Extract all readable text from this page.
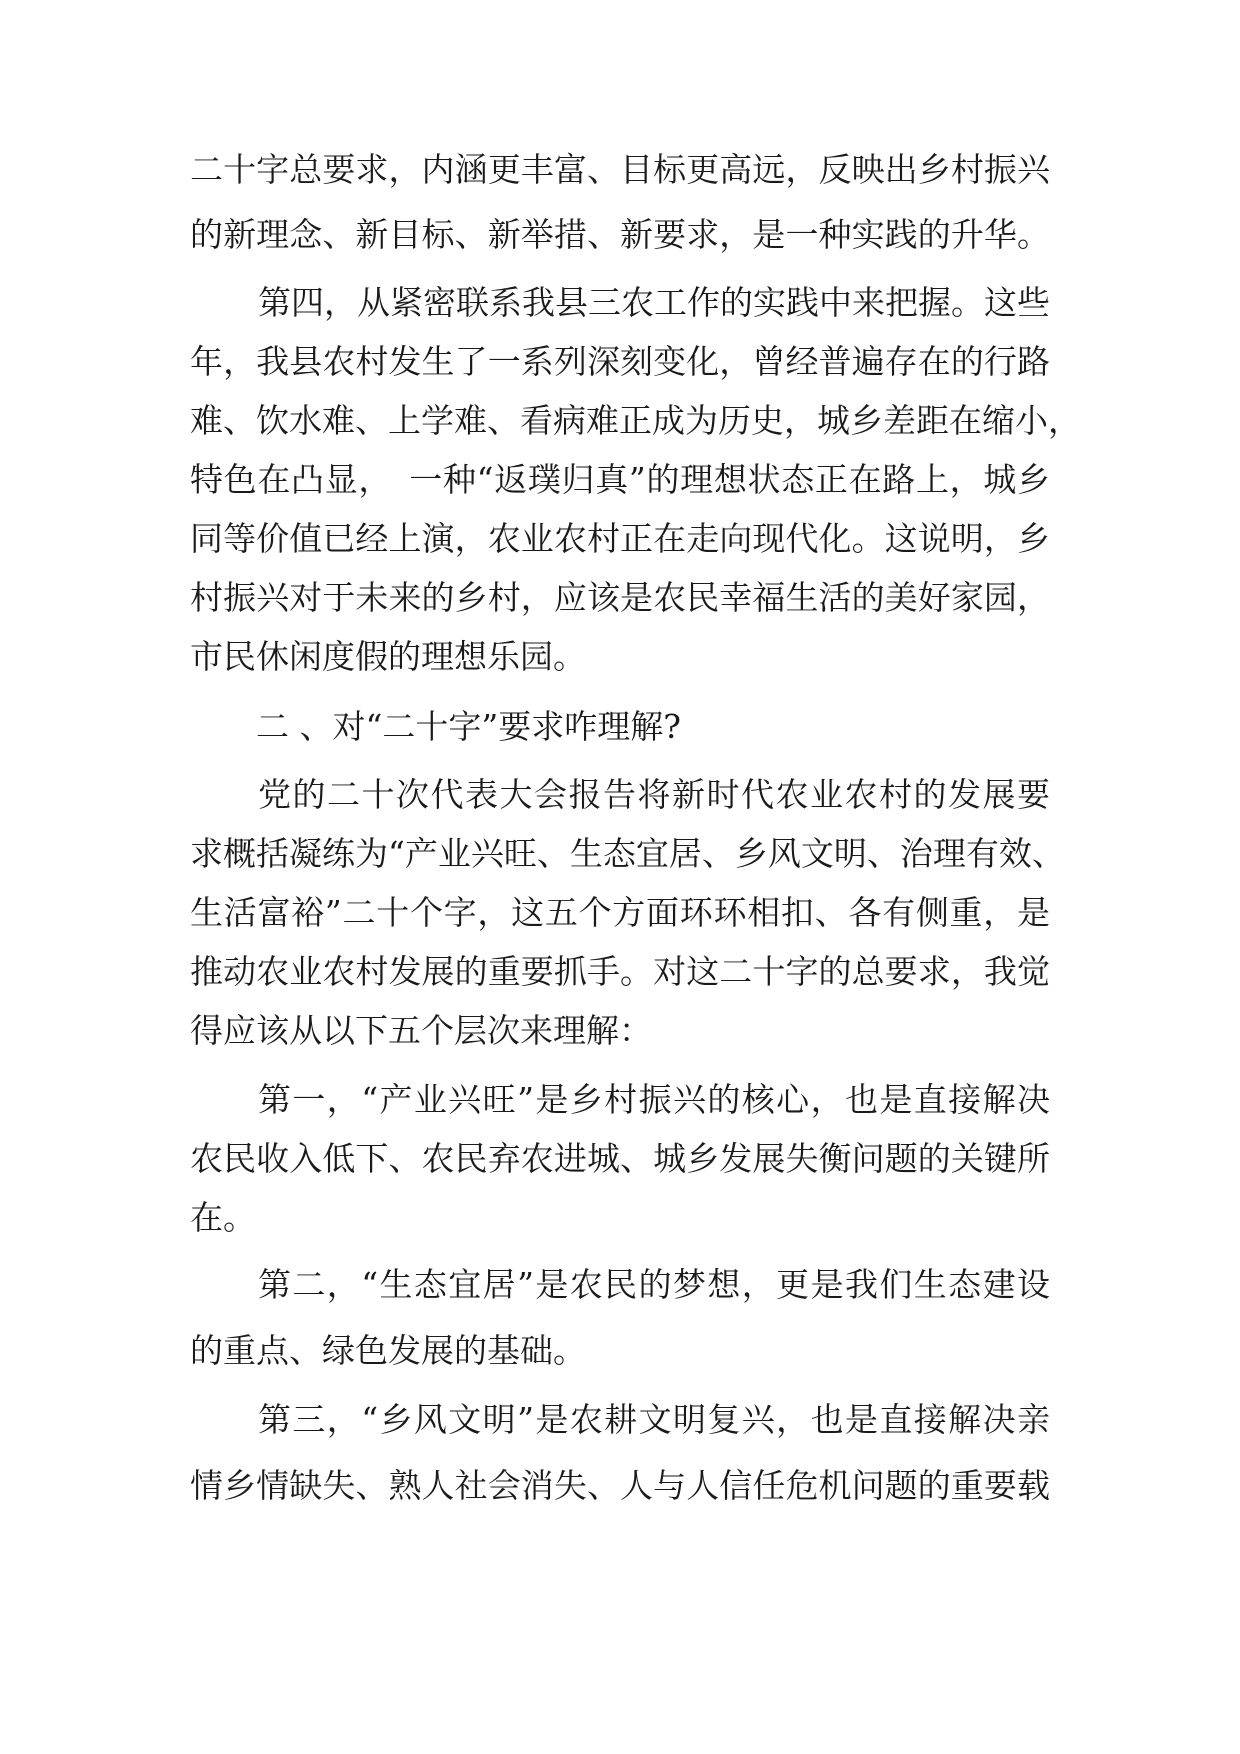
二十字总要求，内涵更丰富、目标更高远，反映出乡村振兴
的新理念、新目标、新举措、新要求，是一种实践的升华。
第四，从紧密联系我县三农工作的实践中来把握。这些
年，我县农村发生了一系列深刻变化，曾经普遍存在的行路
难、饮水难、上学难、看病难正成为历史，城乡差距在缩小，
特色在凸显，　一种“返璞归真”的理想状态正在路上，城乡
同等价值已经上演，农业农村正在走向现代化。这说明，乡
村振兴对于未来的乡村，应该是农民幸福生活的美好家园，
市民休闲度假的理想乐园。
二 、对“二十字”要求咋理解?
党的二十次代表大会报告将新时代农业农村的发展要
求概括凝练为“产业兴旺、生态宜居、乡风文明、治理有效、
生活富裕”二十个字，这五个方面环环相扣、各有侧重，是
推动农业农村发展的重要抓手。对这二十字的总要求，我觉
得应该从以下五个层次来理解：
第一，“产业兴旺”是乡村振兴的核心，也是直接解决
农民收入低下、农民弃农进城、城乡发展失衡问题的关键所
在。
第二，“生态宜居”是农民的梦想，更是我们生态建设
的重点、绿色发展的基础。
第三，“乡风文明”是农耕文明复兴，也是直接解决亲
情乡情缺失、熟人社会消失、人与人信任危机问题的重要载
